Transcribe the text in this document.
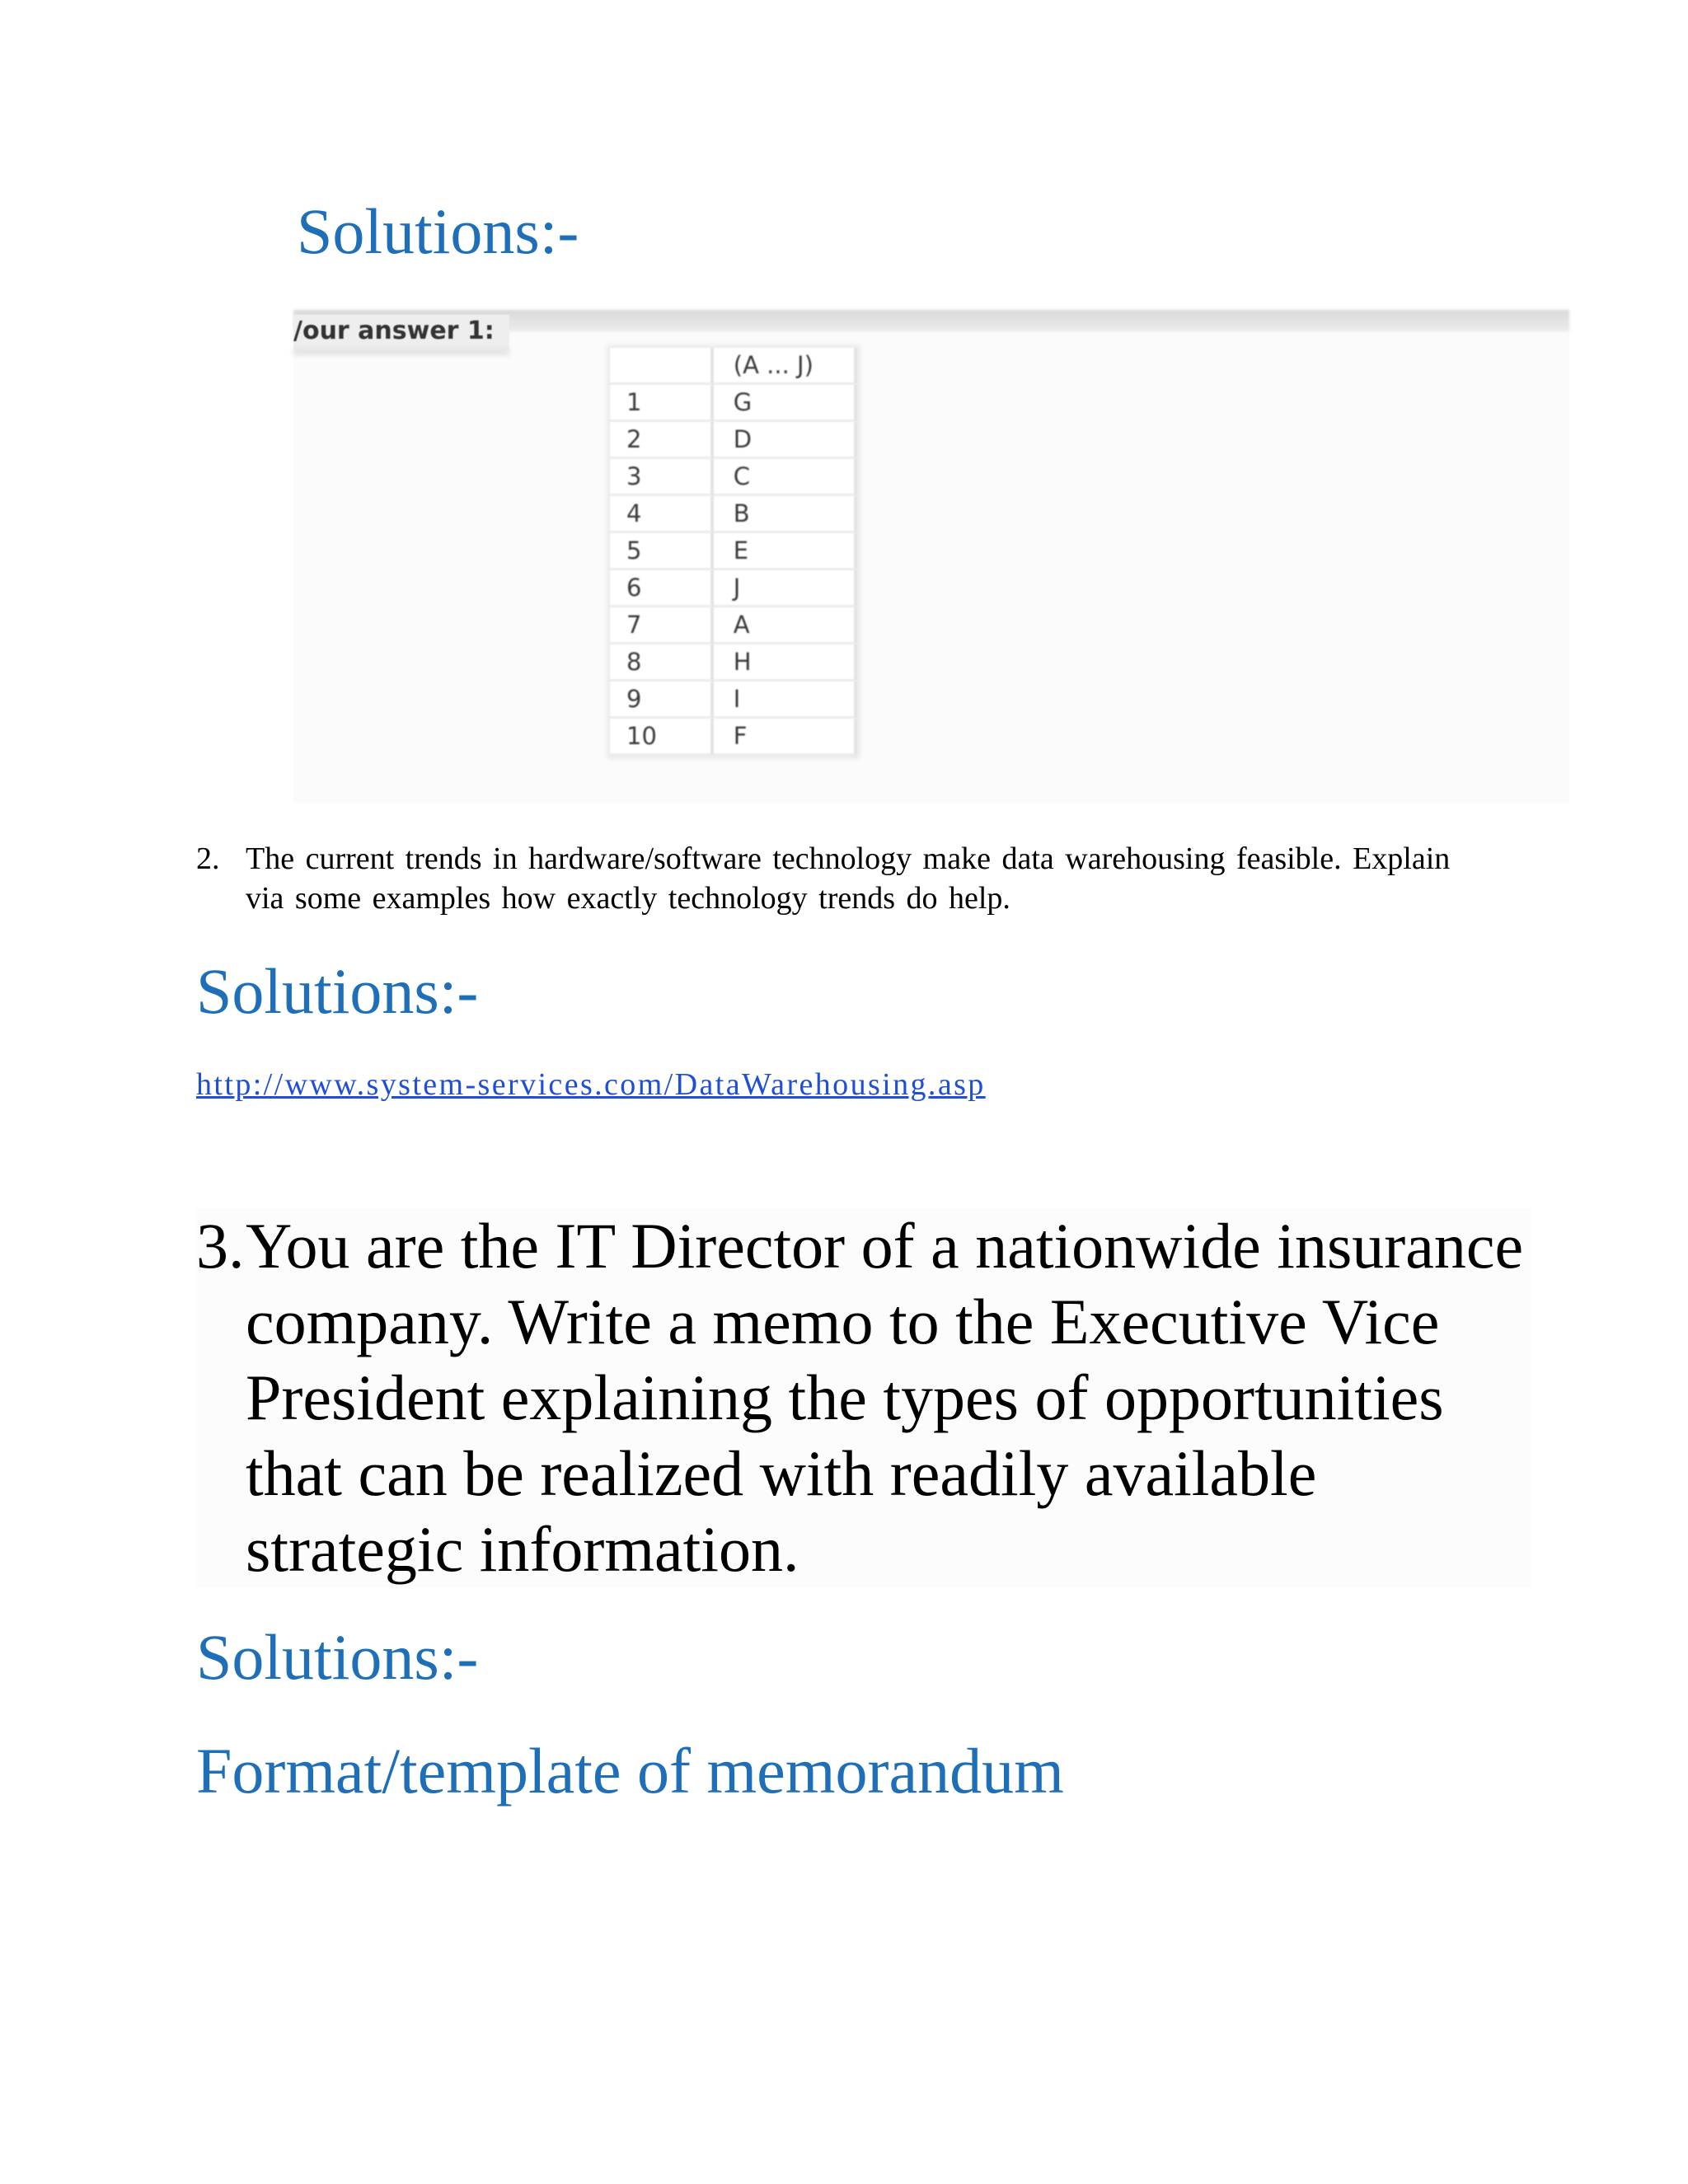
Solutions:-
/our answer 1:
	(A ... J)
1	G
2	D
3	C
4	B
5	E
6	J
7	A
8	H
9	I
10	F
2. The current trends in hardware/software technology make data warehousing feasible. Explain via some examples how exactly technology trends do help.
Solutions:-
http://www.system-services.com/DataWarehousing.asp
3. You are the IT Director of a nationwide insurance company. Write a memo to the Executive Vice President explaining the types of opportunities that can be realized with readily available strategic information.
Solutions:-
Format/template of memorandum
